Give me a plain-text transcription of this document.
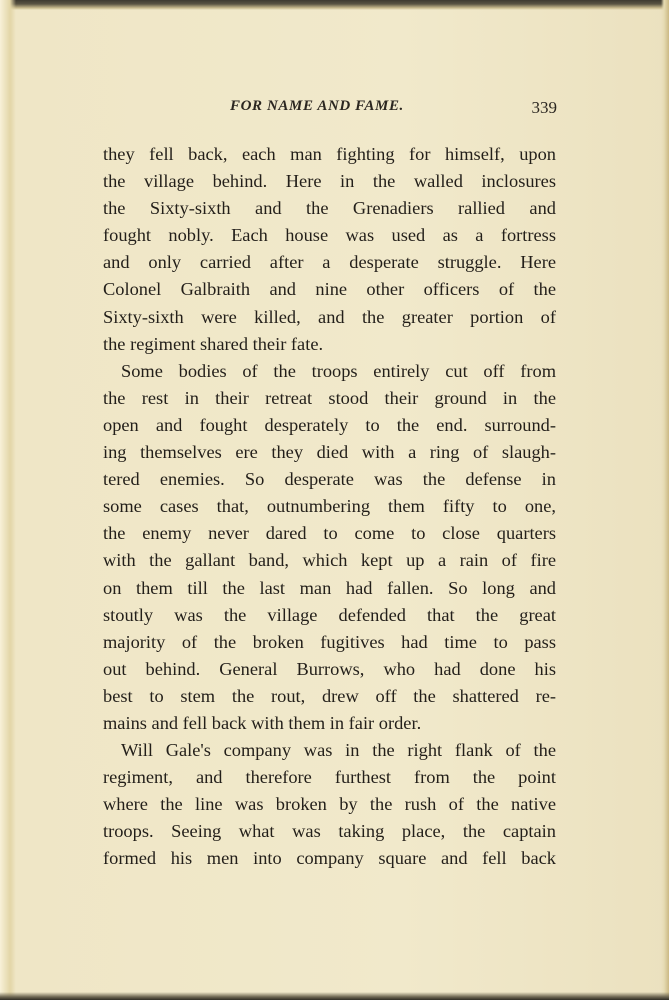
FOR NAME AND FAME.	339
they fell back, each man fighting for himself, upon
the village behind. Here in the walled inclosures
the Sixty-sixth and the Grenadiers rallied and
fought nobly. Each house was used as a fortress
and only carried after a desperate struggle. Here
Colonel Galbraith and nine other officers of the
Sixty-sixth were killed, and the greater portion of
the regiment shared their fate.
Some bodies of the troops entirely cut off from
the rest in their retreat stood their ground in the
open and fought desperately to the end. surround-
ing themselves ere they died with a ring of slaugh-
tered enemies. So desperate was the defense in
some cases that, outnumbering them fifty to one,
the enemy never dared to come to close quarters
with the gallant band, which kept up a rain of fire
on them till the last man had fallen. So long and
stoutly was the village defended that the great
majority of the broken fugitives had time to pass
out behind. General Burrows, who had done his
best to stem the rout, drew off the shattered re-
mains and fell back with them in fair order.
Will Gale's company was in the right flank of the
regiment, and therefore furthest from the point
where the line was broken by the rush of the native
troops. Seeing what was taking place, the captain
formed his men into company square and fell back
